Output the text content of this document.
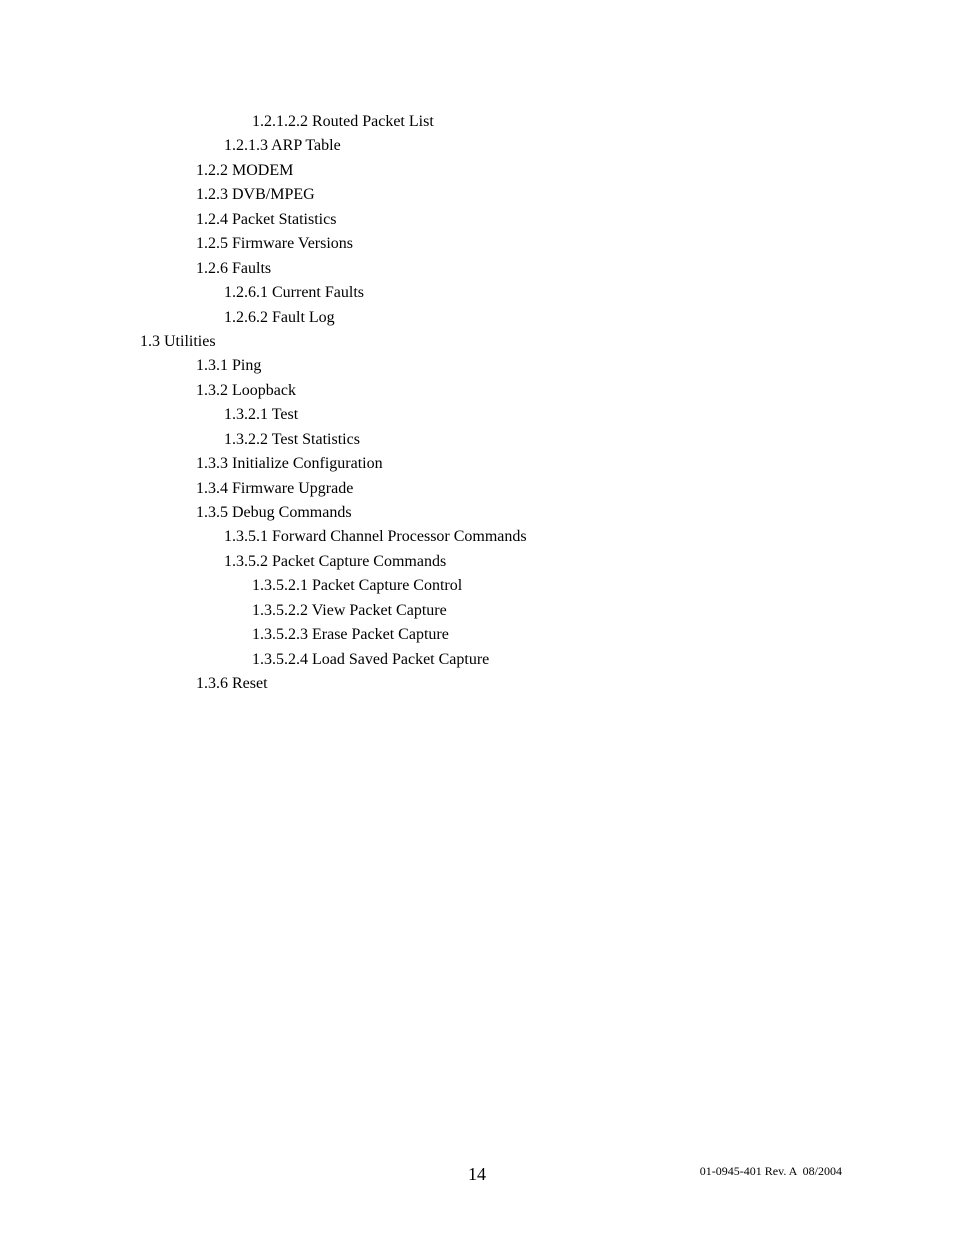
1.2.1.2.2 Routed Packet List
1.2.1.3 ARP Table
1.2.2 MODEM
1.2.3 DVB/MPEG
1.2.4 Packet Statistics
1.2.5 Firmware Versions
1.2.6 Faults
1.2.6.1 Current Faults
1.2.6.2 Fault Log
1.3 Utilities
1.3.1 Ping
1.3.2 Loopback
1.3.2.1 Test
1.3.2.2 Test Statistics
1.3.3 Initialize Configuration
1.3.4 Firmware Upgrade
1.3.5 Debug Commands
1.3.5.1 Forward Channel Processor Commands
1.3.5.2 Packet Capture Commands
1.3.5.2.1 Packet Capture Control
1.3.5.2.2 View Packet Capture
1.3.5.2.3 Erase Packet Capture
1.3.5.2.4 Load Saved Packet Capture
1.3.6 Reset
14	01-0945-401 Rev. A  08/2004
